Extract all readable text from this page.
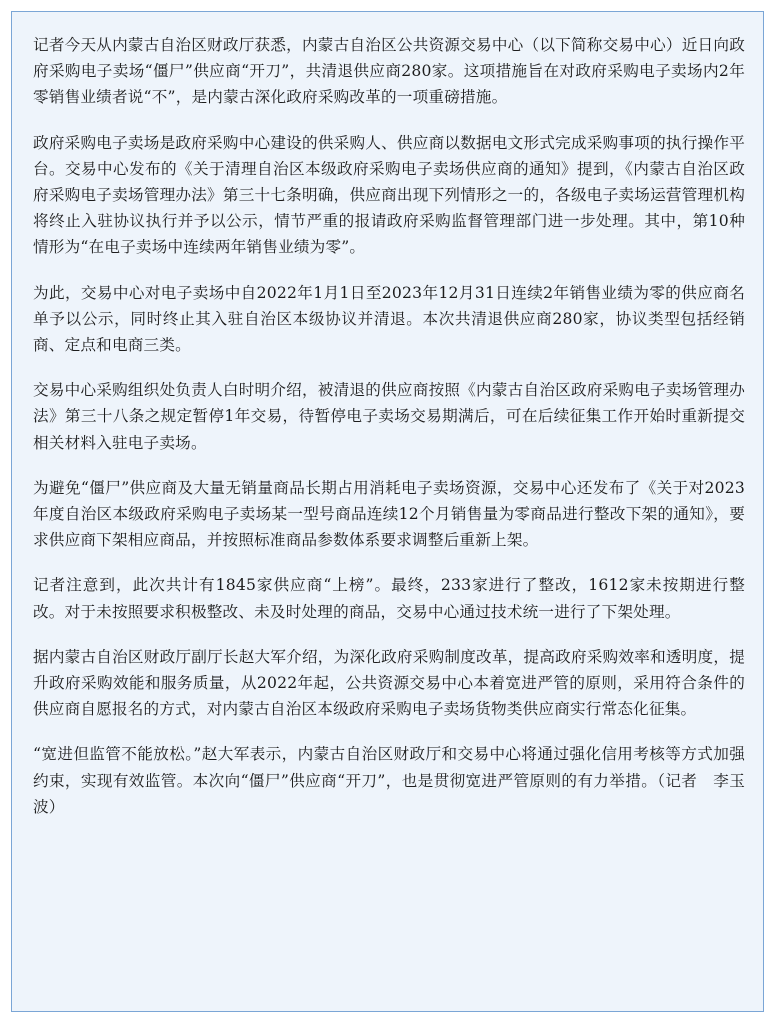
记者今天从内蒙古自治区财政厅获悉，内蒙古自治区公共资源交易中心（以下简称交易中心）近日向政府采购电子卖场“僵尸”供应商“开刀”，共清退供应商280家。这项措施旨在对政府采购电子卖场内2年零销售业绩者说“不”，是内蒙古深化政府采购改革的一项重磅措施。

政府采购电子卖场是政府采购中心建设的供采购人、供应商以数据电文形式完成采购事项的执行操作平台。交易中心发布的《关于清理自治区本级政府采购电子卖场供应商的通知》提到，《内蒙古自治区政府采购电子卖场管理办法》第三十七条明确，供应商出现下列情形之一的，各级电子卖场运营管理机构将终止入驻协议执行并予以公示，情节严重的报请政府采购监督管理部门进一步处理。其中，第10种情形为“在电子卖场中连续两年销售业绩为零”。

为此，交易中心对电子卖场中自2022年1月1日至2023年12月31日连续2年销售业绩为零的供应商名单予以公示，同时终止其入驻自治区本级协议并清退。本次共清退供应商280家，协议类型包括经销商、定点和电商三类。

交易中心采购组织处负责人白时明介绍，被清退的供应商按照《内蒙古自治区政府采购电子卖场管理办法》第三十八条之规定暂停1年交易，待暂停电子卖场交易期满后，可在后续征集工作开始时重新提交相关材料入驻电子卖场。

为避免“僵尸”供应商及大量无销量商品长期占用消耗电子卖场资源，交易中心还发布了《关于对2023年度自治区本级政府采购电子卖场某一型号商品连续12个月销售量为零商品进行整改下架的通知》，要求供应商下架相应商品，并按照标准商品参数体系要求调整后重新上架。

记者注意到，此次共计有1845家供应商“上榜”。最终，233家进行了整改，1612家未按期进行整改。对于未按照要求积极整改、未及时处理的商品，交易中心通过技术统一进行了下架处理。

据内蒙古自治区财政厅副厅长赵大军介绍，为深化政府采购制度改革，提高政府采购效率和透明度，提升政府采购效能和服务质量，从2022年起，公共资源交易中心本着宽进严管的原则，采用符合条件的供应商自愿报名的方式，对内蒙古自治区本级政府采购电子卖场货物类供应商实行常态化征集。

“宽进但监管不能放松。”赵大军表示，内蒙古自治区财政厅和交易中心将通过强化信用考核等方式加强约束，实现有效监管。本次向“僵尸”供应商“开刀”，也是贯彻宽进严管原则的有力举措。（记者　李玉波）
